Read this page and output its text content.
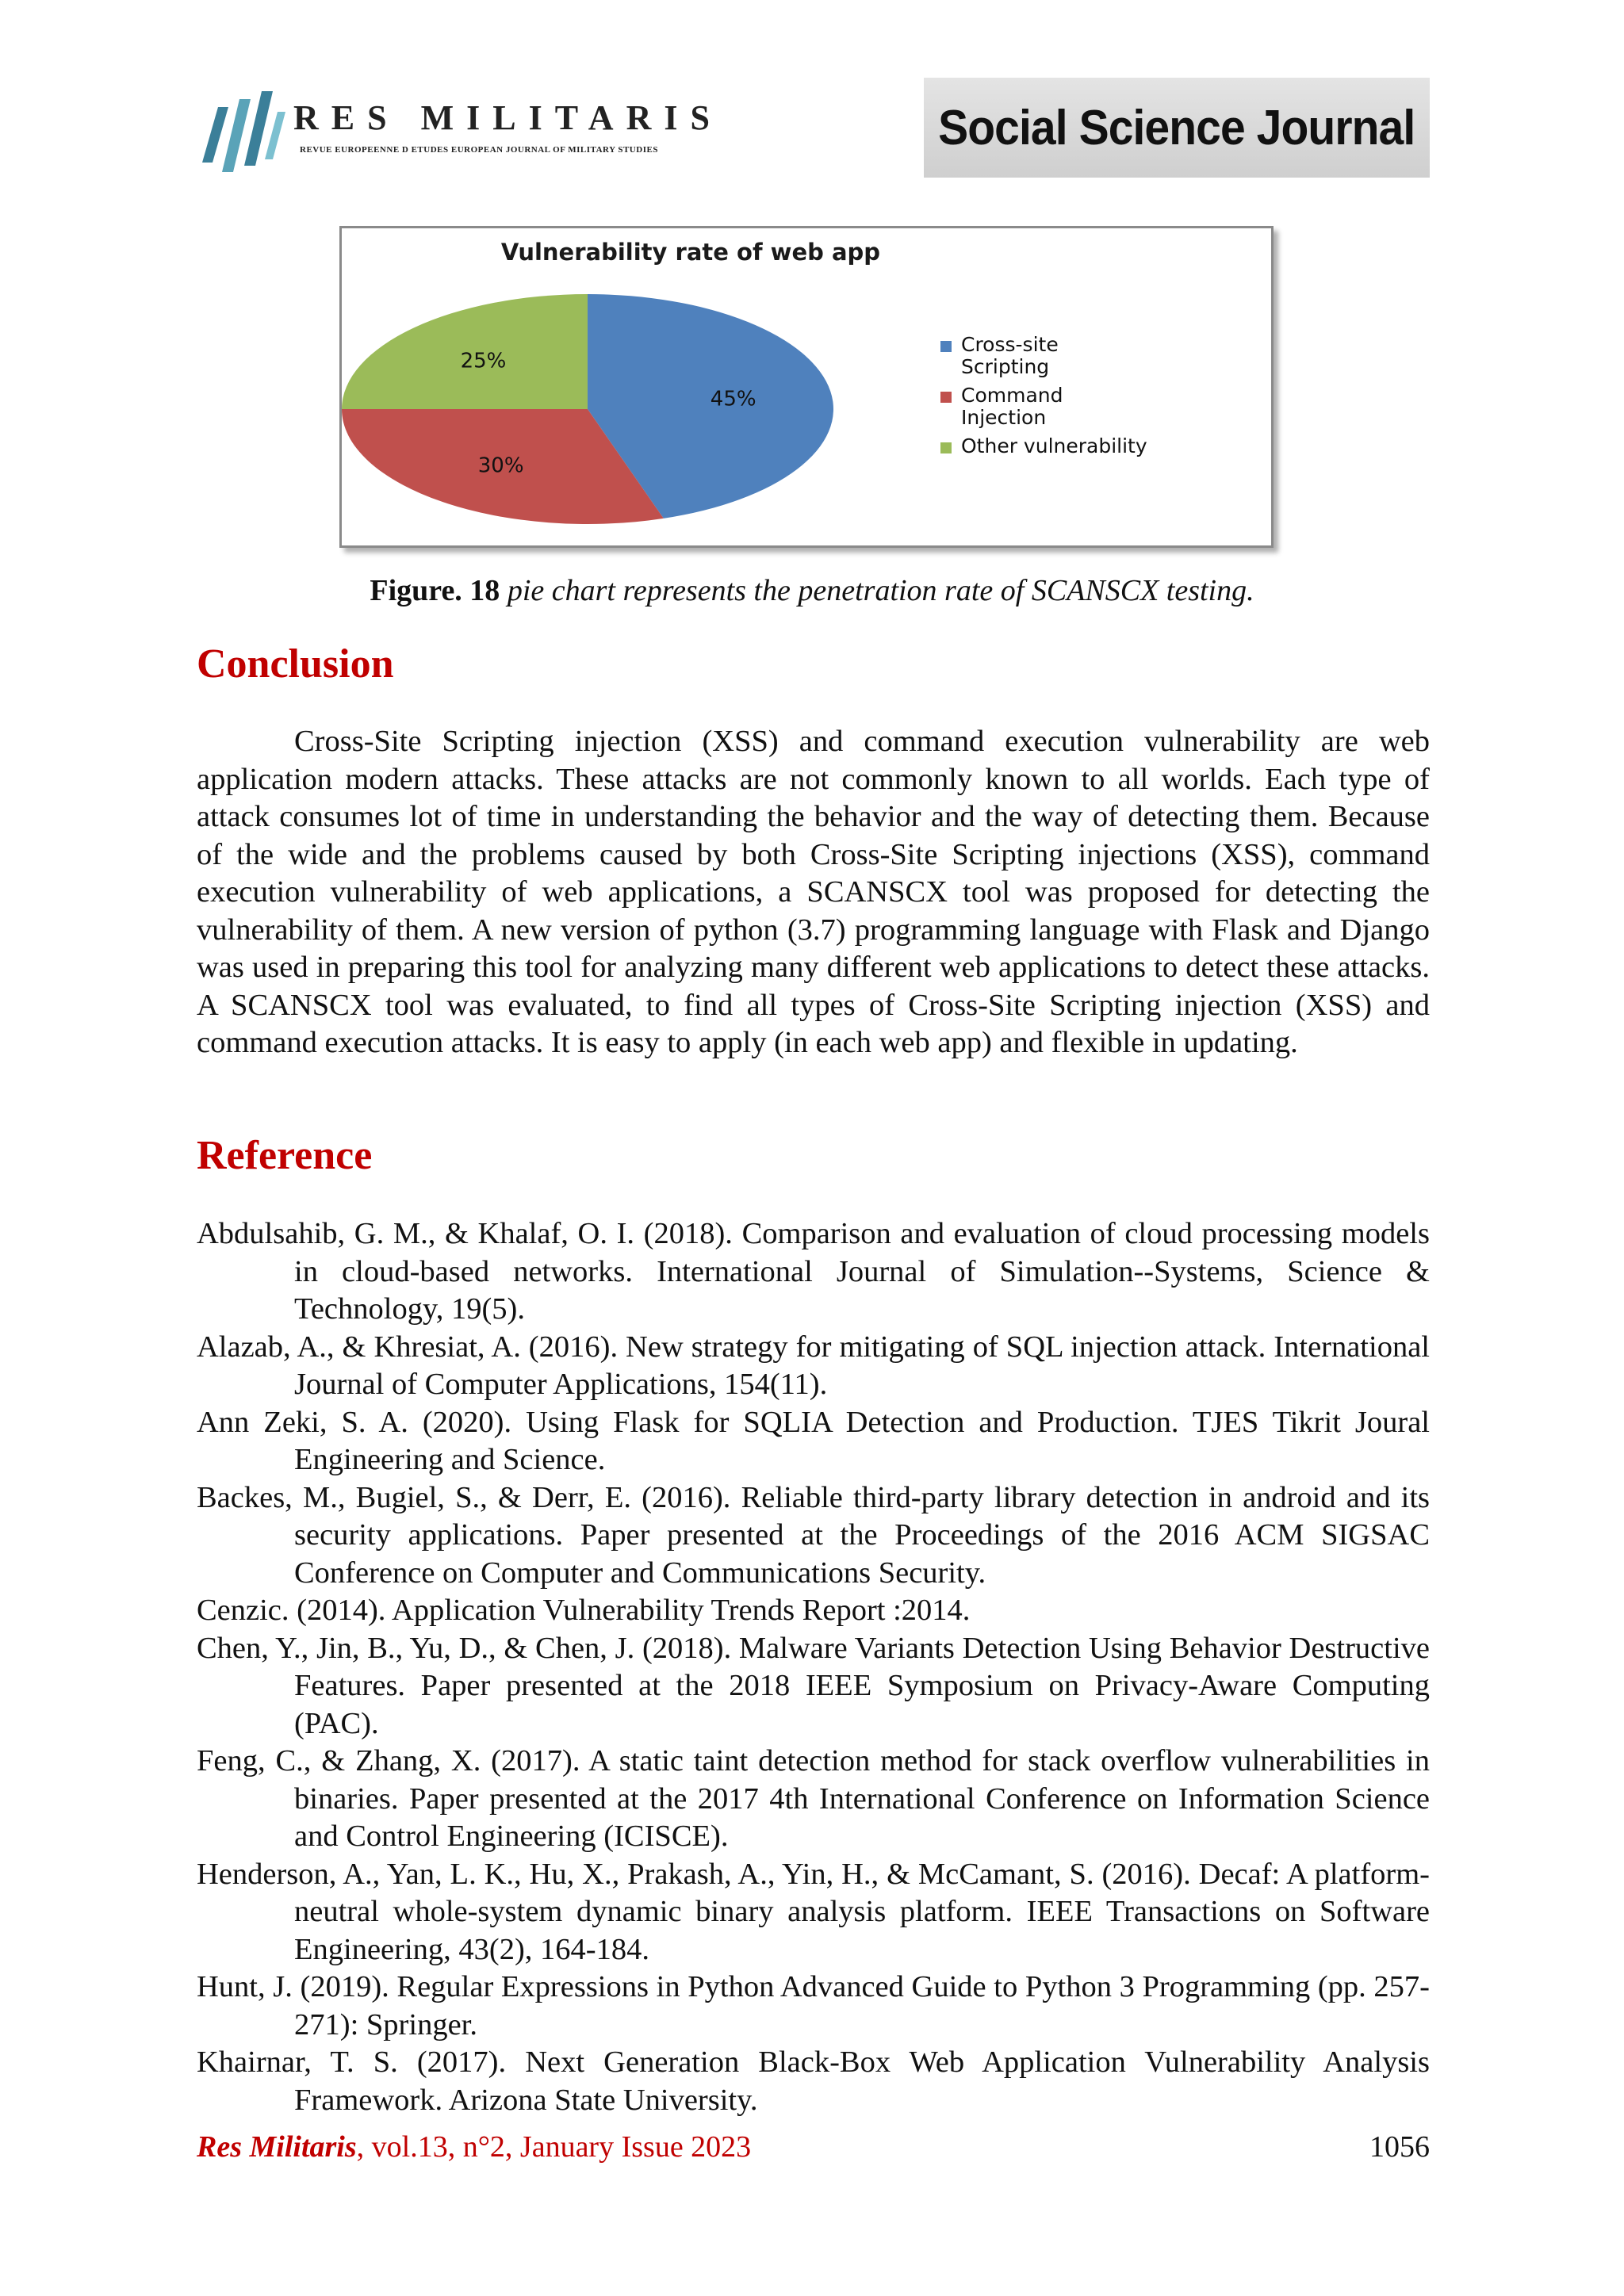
RES MILITARIS
REVUE EUROPEENNE D ETUDES EUROPEAN JOURNAL OF MILITARY STUDIES	Social Science Journal
Vulnerability rate of web app
45%
30%
25%
Cross-site
Scripting
Command
Injection
Other vulnerability
Figure. 18 pie chart represents the penetration rate of SCANSCX testing.
Conclusion

Cross-Site Scripting injection (XSS) and command execution vulnerability are web application modern attacks. These attacks are not commonly known to all worlds. Each type of attack consumes lot of time in understanding the behavior and the way of detecting them. Because of the wide and the problems caused by both Cross-Site Scripting injections (XSS), command execution vulnerability of web applications, a SCANSCX tool was proposed for detecting the vulnerability of them. A new version of python (3.7) programming language with Flask and Django was used in preparing this tool for analyzing many different web applications to detect these attacks. A SCANSCX tool was evaluated, to find all types of Cross-Site Scripting injection (XSS) and command execution attacks. It is easy to apply (in each web app) and flexible in updating.

Reference
Abdulsahib, G. M., & Khalaf, O. I. (2018). Comparison and evaluation of cloud processing models in cloud-based networks. International Journal of Simulation--Systems, Science & Technology, 19(5).
Alazab, A., & Khresiat, A. (2016). New strategy for mitigating of SQL injection attack. International Journal of Computer Applications, 154(11).
Ann Zeki, S. A. (2020). Using Flask for SQLIA Detection and Production. TJES Tikrit Joural Engineering and Science.
Backes, M., Bugiel, S., & Derr, E. (2016). Reliable third-party library detection in android and its security applications. Paper presented at the Proceedings of the 2016 ACM SIGSAC Conference on Computer and Communications Security.
Cenzic. (2014). Application Vulnerability Trends Report :2014.
Chen, Y., Jin, B., Yu, D., & Chen, J. (2018). Malware Variants Detection Using Behavior Destructive Features. Paper presented at the 2018 IEEE Symposium on Privacy-Aware Computing (PAC).
Feng, C., & Zhang, X. (2017). A static taint detection method for stack overflow vulnerabilities in binaries. Paper presented at the 2017 4th International Conference on Information Science and Control Engineering (ICISCE).
Henderson, A., Yan, L. K., Hu, X., Prakash, A., Yin, H., & McCamant, S. (2016). Decaf: A platform-neutral whole-system dynamic binary analysis platform. IEEE Transactions on Software Engineering, 43(2), 164-184.
Hunt, J. (2019). Regular Expressions in Python Advanced Guide to Python 3 Programming (pp. 257-271): Springer.
Khairnar, T. S. (2017). Next Generation Black-Box Web Application Vulnerability Analysis Framework. Arizona State University.
Res Militaris, vol.13, n°2, January Issue 2023	1056
